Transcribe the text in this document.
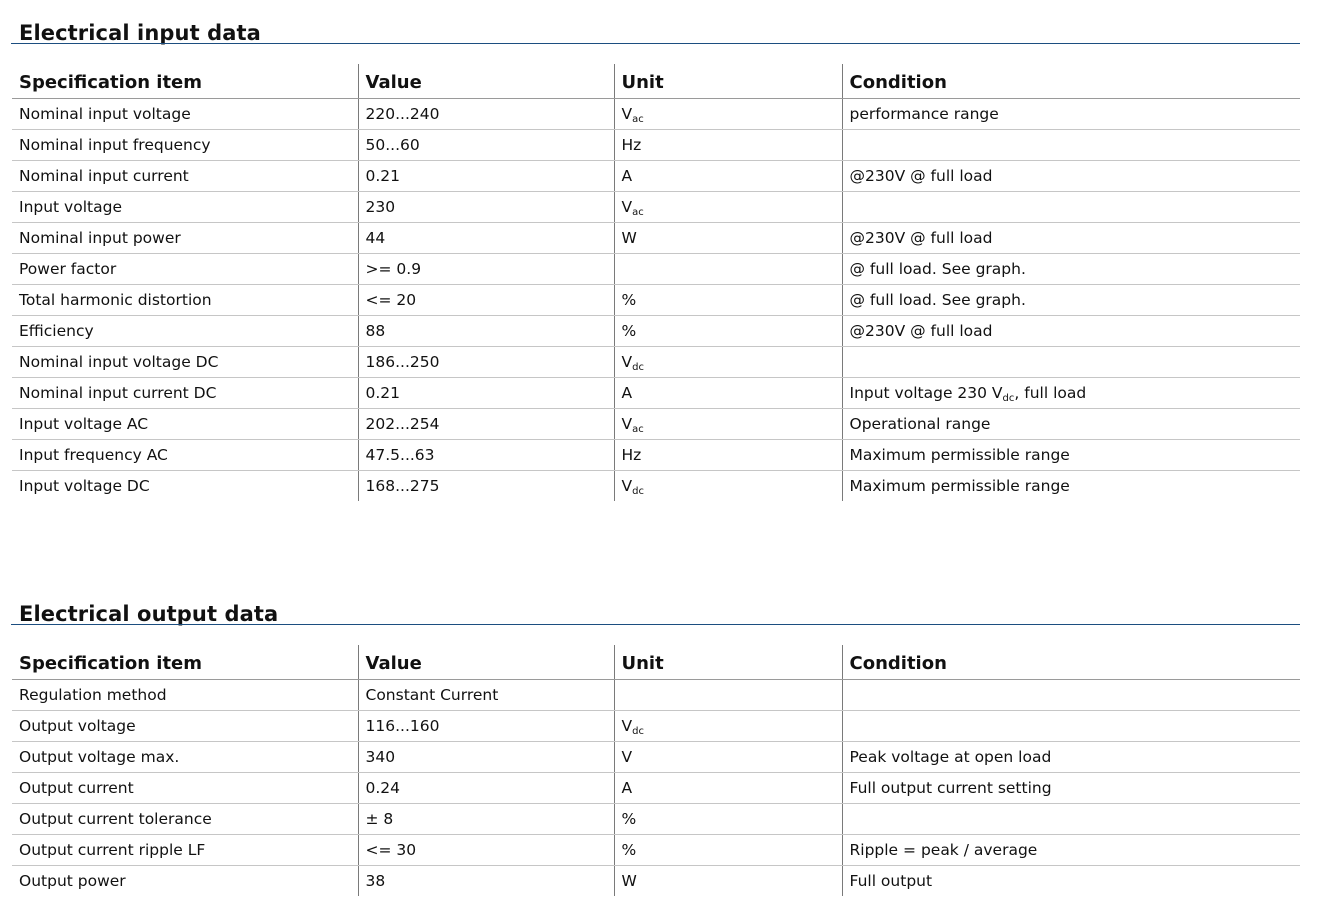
Electrical input data
Specification item	Value	Unit	Condition
Nominal input voltage	220...240	$V_{ac}$	performance range
Nominal input frequency	50...60	Hz	
Nominal input current	0.21	A	@230V @ full load
Input voltage	230	$V_{ac}$	
Nominal input power	44	W	@230V @ full load
Power factor	>= 0.9		@ full load. See graph.
Total harmonic distortion	<= 20	%	@ full load. See graph.
Efficiency	88	%	@230V @ full load
Nominal input voltage DC	186...250	$V_{dc}$	
Nominal input current DC	0.21	A	Input voltage 230 $V_{dc}$, full load
Input voltage AC	202...254	$V_{ac}$	Operational range
Input frequency AC	47.5...63	Hz	Maximum permissible range
Input voltage DC	168...275	$V_{dc}$	Maximum permissible range
Electrical output data
Specification item	Value	Unit	Condition
Regulation method	Constant Current		
Output voltage	116...160	$V_{dc}$	
Output voltage max.	340	V	Peak voltage at open load
Output current	0.24	A	Full output current setting
Output current tolerance	± 8	%	
Output current ripple LF	<= 30	%	Ripple = peak / average
Output power	38	W	Full output
